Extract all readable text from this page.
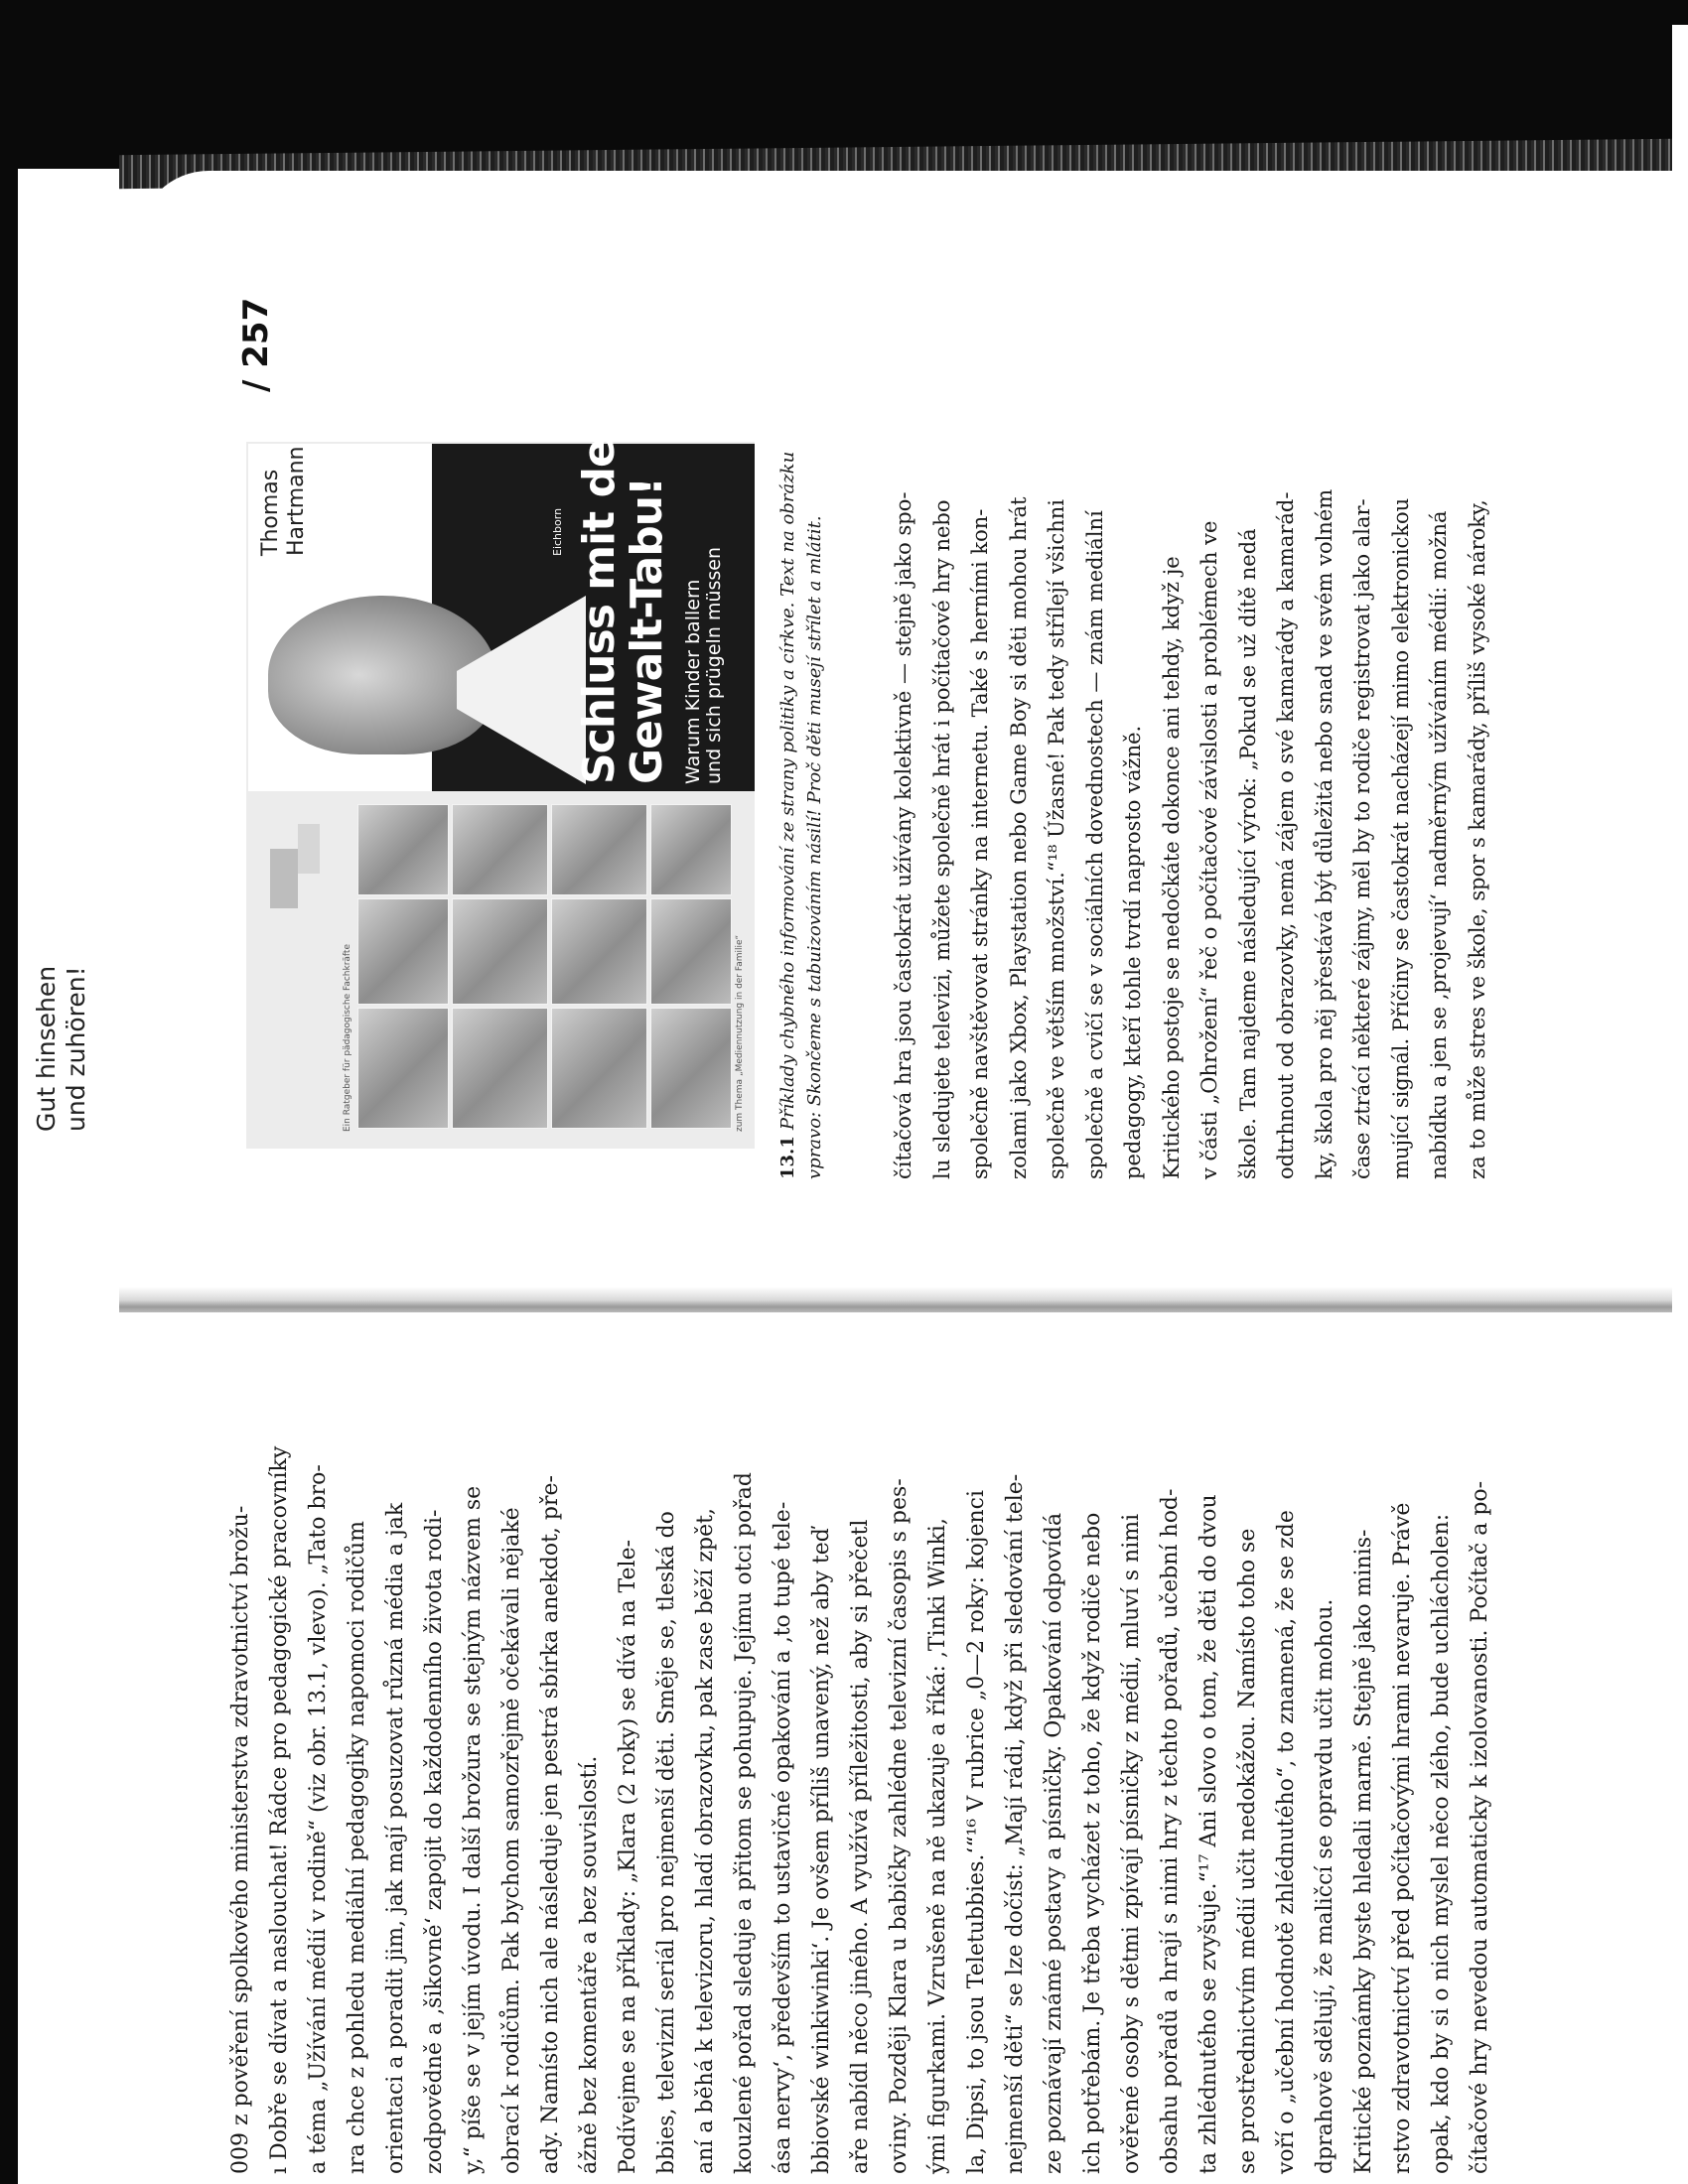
/ 257
Gut hinsehen und zuhören!	Ein Ratgeber für pädagogische Fachkräfte	zum Thema „Mediennutzung in der Familie“
Thomas
Hartmann	Eichborn
Schluss mit dem
Gewalt-Tabu! Warum Kinder ballern
und sich prügeln müssen
13.1Příklady chybného informování ze strany politiky a církve. Text na obrázku vpravo: Skončeme s tabuizováním násilí! Proč děti musejí střílet a mlátit.	čítačová hra jsou častokrát užívány kolektivně — stejně jako spo- lu sledujete televizi, můžete společně hrát i počítačové hry nebo společně navštěvovat stránky na internetu. Také s herními kon- zolami jako Xbox, Playstation nebo Game Boy si děti mohou hrát společně ve větším množství.“¹⁸ Úžasné! Pak tedy střílejí všichni společně a cvičí se v sociálních dovednostech — znám mediální pedagogy, kteří tohle tvrdí naprosto vážně. Kritického postoje se nedočkáte dokonce ani tehdy, když je v části „Ohrožení“ řeč o počítačové závislosti a problémech ve škole. Tam najdeme následující výrok: „Pokud se už dítě nedá odtrhnout od obrazovky, nemá zájem o své kamarády a kamarád- ky, škola pro něj přestává být důležitá nebo snad ve svém volném čase ztrácí některé zájmy, měl by to rodiče registrovat jako alar- mující signál. Příčiny se častokrát nacházejí mimo elektronickou nabídku a jen se ‚projevují‘ nadměrným užíváním médií: možná za to může stres ve škole, spor s kamarády, příliš vysoké nároky,
009 z pověření spolkového ministerstva zdravotnictví brožu- ı Dobře se dívat a naslouchat! Rádce pro pedagogické pracovníky a téma „Užívání médií v rodině“ (viz obr. 13.1, vlevo). „Tato bro- ıra chce z pohledu mediální pedagogiky napomoci rodičům orientaci a poradit jim, jak mají posuzovat různá média a jak zodpovědně a ‚šikovně‘ zapojit do každodenního života rodi- y,“ píše se v jejím úvodu. I další brožura se stejným názvem se obrací k rodičům. Pak bychom samozřejmě očekávali nějaké ady. Namísto nich ale následuje jen pestrá sbírka anekdot, pře- ážně bez komentáře a bez souvislostí. Podívejme se na příklady: „Klara (2 roky) se dívá na Tele- bbies, televizní seriál pro nejmenší děti. Směje se, tleská do aní a běhá k televizoru, hladí obrazovku, pak zase běží zpět, kouzlené pořad sleduje a přitom se pohupuje. Jejímu otci pořad ása nervy‘, především to ustavičné opakování a ‚to tupé tele- bbiovské winkiwinki‘. Je ovšem příliš unavený, než aby teď aře nabídl něco jiného. A využívá příležitosti, aby si přečetl oviny. Později Klara u babičky zahlédne televizní časopis s pes- ými figurkami. Vzrušeně na ně ukazuje a říká: ‚Tinki Winki, la, Dipsi, to jsou Teletubbies.‘“¹⁶ V rubrice „0—2 roky: kojenci nejmenší děti“ se lze dočíst: „Mají rádi, když při sledování tele- ze poznávají známé postavy a písničky. Opakování odpovídá ich potřebám. Je třeba vycházet z toho, že když rodiče nebo ověřené osoby s dětmi zpívají písničky z médií, mluví s nimi obsahu pořadů a hrají s nimi hry z těchto pořadů, učební hod- ta zhlédnutého se zvyšuje.“¹⁷ Ani slovo o tom, že děti do dvou se prostřednictvím médií učit nedokážou. Namísto toho se voří o „učební hodnotě zhlédnutého“, to znamená, že se zde dprahově sdělují, že maličcí se opravdu učit mohou. Kritické poznámky byste hledali marně. Stejně jako minis- rstvo zdravotnictví před počítačovými hrami nevaruje. Právě opak, kdo by si o nich myslel něco zlého, bude uchlácholen: čítačové hry nevedou automaticky k izolovanosti. Počítač a po-
